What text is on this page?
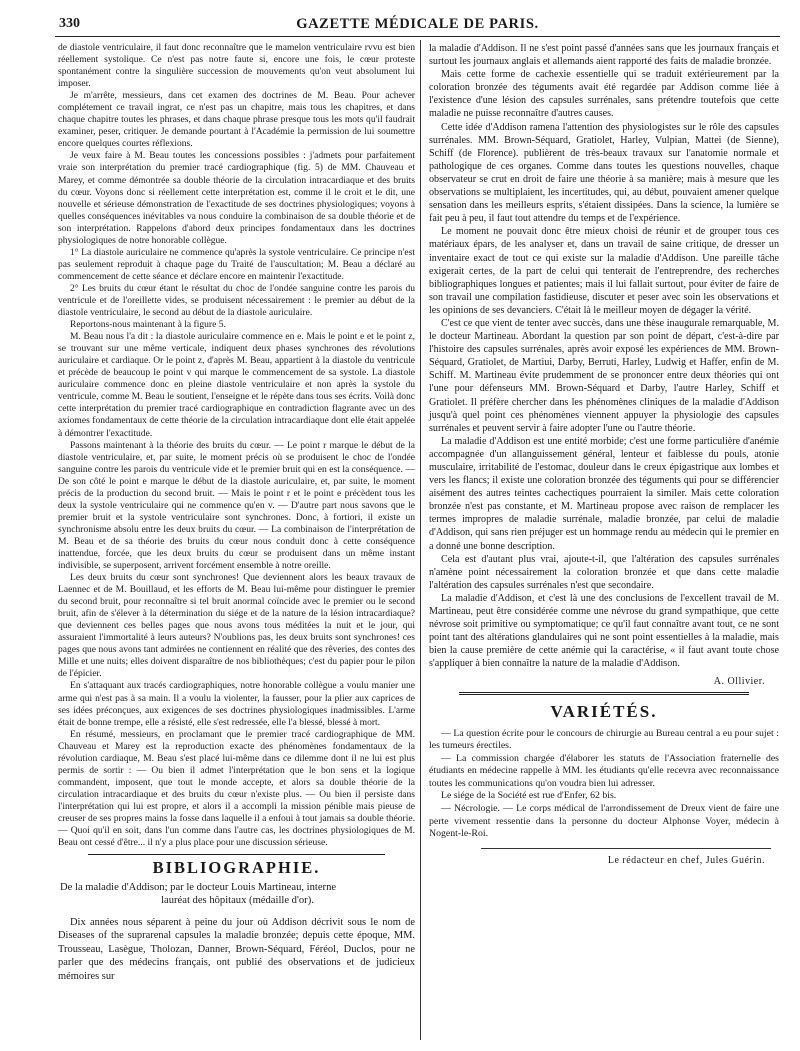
330	GAZETTE MÉDICALE DE PARIS.

de diastole ventriculaire, il faut donc reconnaître que le mamelon ventriculaire rvvu est bien réellement systolique. Ce n'est pas notre faute si, encore une fois, le cœur proteste spontanément contre la singulière succession de mouvements qu'on veut absolument lui imposer.

Je m'arrête, messieurs, dans cet examen des doctrines de M. Beau. Pour achever complétement ce travail ingrat, ce n'est pas un chapitre, mais tous les chapitres, et dans chaque chapitre toutes les phrases, et dans chaque phrase presque tous les mots qu'il faudrait examiner, peser, critiquer. Je demande pourtant à l'Académie la permission de lui soumettre encore quelques courtes réflexions.

Je veux faire à M. Beau toutes les concessions possibles : j'admets pour parfaitement vraie son interprétation du premier tracé cardiographique (fig. 5) de MM. Chauveau et Marey, et comme démontrée sa double théorie de la circulation intracardiaque et des bruits du cœur. Voyons donc si réellement cette interprétation est, comme il le croit et le dit, une nouvelle et sérieuse démonstration de l'exactitude de ses doctrines physiologiques; voyons à quelles conséquences inévitables va nous conduire la combinaison de sa double théorie et de son interprétation. Rappelons d'abord deux principes fondamentaux dans les doctrines physiologiques de notre honorable collègue.

1° La diastole auriculaire ne commence qu'après la systole ventriculaire. Ce principe n'est pas seulement reproduit à chaque page du Traité de l'auscultation; M. Beau a déclaré au commencement de cette séance et déclare encore en maintenir l'exactitude.

2° Les bruits du cœur étant le résultat du choc de l'ondée sanguine contre les parois du ventricule et de l'oreillette vides, se produisent nécessairement : le premier au début de la diastole ventriculaire, le second au début de la diastole auriculaire.

Reportons-nous maintenant à la figure 5.

M. Beau nous l'a dit : la diastole auriculaire commence en e. Mais le point e et le point z, se trouvant sur une même verticale, indiquent deux phases synchrones des révolutions auriculaire et cardiaque. Or le point z, d'après M. Beau, appartient à la diastole du ventricule et précède de beaucoup le point v qui marque le commencement de sa systole. La diastole auriculaire commence donc en pleine diastole ventriculaire et non après la systole du ventricule, comme M. Beau le soutient, l'enseigne et le répète dans tous ses écrits. Voilà donc cette interprétation du premier tracé cardiographique en contradiction flagrante avec un des axiomes fondamentaux de cette théorie de la circulation intracardiaque dont elle était appelée à démontrer l'exactitude.

Passons maintenant à la théorie des bruits du cœur. — Le point r marque le début de la diastole ventriculaire, et, par suite, le moment précis où se produisent le choc de l'ondée sanguine contre les parois du ventricule vide et le premier bruit qui en est la conséquence. — De son côté le point e marque le début de la diastole auriculaire, et, par suite, le moment précis de la production du second bruit. — Mais le point r et le point e précèdent tous les deux la systole ventriculaire qui ne commence qu'en v. — D'autre part nous savons que le premier bruit et la systole ventriculaire sont synchrones. Donc, à fortiori, il existe un synchronisme absolu entre les deux bruits du cœur. — La combinaison de l'interprétation de M. Beau et de sa théorie des bruits du cœur nous conduit donc à cette conséquence inattendue, forcée, que les deux bruits du cœur se produisent dans un même instant indivisible, se superposent, arrivent forcément ensemble à notre oreille.

Les deux bruits du cœur sont synchrones! Que deviennent alors les beaux travaux de Laennec et de M. Bouillaud, et les efforts de M. Beau lui-même pour distinguer le premier du second bruit, pour reconnaître si tel bruit anormal coïncide avec le premier ou le second bruit, afin de s'élever à la détermination du siége et de la nature de la lésion intracardiaque? que deviennent ces belles pages que nous avons tous méditées la nuit et le jour, qui assuraient l'immortalité à leurs auteurs? N'oublions pas, les deux bruits sont synchrones! ces pages que nous avons tant admirées ne contiennent en réalité que des rêveries, des contes des Mille et une nuits; elles doivent disparaître de nos bibliothèques; c'est du papier pour le pilon de l'épicier.

En s'attaquant aux tracés cardiographiques, notre honorable collègue a voulu manier une arme qui n'est pas à sa main. Il a voulu la violenter, la fausser, pour la plier aux caprices de ses idées préconçues, aux exigences de ses doctrines physiologiques inadmissibles. L'arme était de bonne trempe, elle a résisté, elle s'est redressée, elle l'a blessé, blessé à mort.

En résumé, messieurs, en proclamant que le premier tracé cardiographique de MM. Chauveau et Marey est la reproduction exacte des phénomènes fondamentaux de la révolution cardiaque, M. Beau s'est placé lui-même dans ce dilemme dont il ne lui est plus permis de sortir : — Ou bien il admet l'interprétation que le bon sens et la logique commandent, imposent, que tout le monde accepte, et alors sa double théorie de la circulation intracardiaque et des bruits du cœur n'existe plus. — Ou bien il persiste dans l'interprétation qui lui est propre, et alors il a accompli la mission pénible mais pieuse de creuser de ses propres mains la fosse dans laquelle il a enfoui à tout jamais sa double théorie. — Quoi qu'il en soit, dans l'un comme dans l'autre cas, les doctrines physiologiques de M. Beau ont cessé d'être... il n'y a plus place pour une discussion sérieuse.

BIBLIOGRAPHIE.
De la maladie d'Addison; par le docteur Louis Martineau, interne
lauréat des hôpitaux (médaille d'or).

Dix années nous séparent à peine du jour où Addison décrivit sous le nom de Diseases of the suprarenal capsules la maladie bronzée; depuis cette époque, MM. Trousseau, Lasègue, Tholozan, Danner, Brown-Séquard, Féréol, Duclos, pour ne parler que des médecins français, ont publié des observations et de judicieux mémoires sur

la maladie d'Addison. Il ne s'est point passé d'années sans que les journaux français et surtout les journaux anglais et allemands aient rapporté des faits de maladie bronzée.

Mais cette forme de cachexie essentielle qui se traduit extérieurement par la coloration bronzée des téguments avait été regardée par Addison comme liée à l'existence d'une lésion des capsules surrénales, sans prétendre toutefois que cette maladie ne puisse reconnaître d'autres causes.

Cette idée d'Addison ramena l'attention des physiologistes sur le rôle des capsules surrénales. MM. Brown-Séquard, Gratiolet, Harley, Vulpian, Mattei (de Sienne), Schiff (de Florence). publièrent de très-beaux travaux sur l'anatomie normale et pathologique de ces organes. Comme dans toutes les questions nouvelles, chaque observateur se crut en droit de faire une théorie à sa manière; mais à mesure que les observations se multiplaient, les incertitudes, qui, au début, pouvaient amener quelque sensation dans les meilleurs esprits, s'étaient dissipées. Dans la science, la lumière se fait peu à peu, il faut tout attendre du temps et de l'expérience.

Le moment ne pouvait donc être mieux choisi de réunir et de grouper tous ces matériaux épars, de les analyser et, dans un travail de saine critique, de dresser un inventaire exact de tout ce qui existe sur la maladie d'Addison. Une pareille tâche exigerait certes, de la part de celui qui tenterait de l'entreprendre, des recherches bibliographiques longues et patientes; mais il lui fallait surtout, pour éviter de faire de son travail une compilation fastidieuse, discuter et peser avec soin les observations et les opinions de ses devanciers. C'était là le meilleur moyen de dégager la vérité.

C'est ce que vient de tenter avec succès, dans une thèse inaugurale remarquable, M. le docteur Martineau. Abordant la question par son point de départ, c'est-à-dire par l'histoire des capsules surrénales, après avoir exposé les expériences de MM. Brown-Séquard, Gratiolet, de Martiui, Darby, Berruti, Harley, Ludwig et Haffer, enfin de M. Schiff. M. Martineau évite prudemment de se prononcer entre deux théories qui ont l'une pour défenseurs MM. Brown-Séquard et Darby, l'autre Harley, Schiff et Gratiolet. Il préfère chercher dans les phénomènes cliniques de la maladie d'Addison jusqu'à quel point ces phénomènes viennent appuyer la physiologie des capsules surrénales et peuvent servir à faire adopter l'une ou l'autre théorie.

La maladie d'Addison est une entité morbide; c'est une forme particulière d'anémie accompagnée d'un allanguissement général, lenteur et faiblesse du pouls, atonie musculaire, irritabilité de l'estomac, douleur dans le creux épigastrique aux lombes et vers les flancs; il existe une coloration bronzée des téguments qui pour se différencier aisément des autres teintes cachectiques pourraient la similer. Mais cette coloration bronzée n'est pas constante, et M. Martineau propose avec raison de remplacer les termes impropres de maladie surrénale, maladie bronzée, par celui de maladie d'Addison, qui sans rien préjuger est un hommage rendu au médecin qui le premier en a donné une bonne description.

Cela est d'autant plus vrai, ajoute-t-il, que l'altération des capsules surrénales n'amène point nécessairement la coloration bronzée et que dans cette maladie l'altération des capsules surrénales n'est que secondaire.

La maladie d'Addison, et c'est là une des conclusions de l'excellent travail de M. Martineau, peut être considérée comme une névrose du grand sympathique, que cette névrose soit primitive ou symptomatique; ce qu'il faut connaître avant tout, ce ne sont point tant des altérations glandulaires qui ne sont point essentielles à la maladie, mais bien la cause première de cette anémie qui la caractérise, « il faut avant toute chose s'appliquer à bien connaître la nature de la maladie d'Addison.

A. Ollivier.
VARIÉTÉS.

— La question écrite pour le concours de chirurgie au Bureau central a eu pour sujet : les tumeurs érectiles.

— La commission chargée d'élaborer les statuts de l'Association fraternelle des étudiants en médecine rappelle à MM. les étudiants qu'elle recevra avec reconnaissance toutes les communications qu'on voudra bien lui adresser.

Le siége de la Société est rue d'Enfer, 62 bis.

— Nécrologie. — Le corps médical de l'arrondissement de Dreux vient de faire une perte vivement ressentie dans la personne du docteur Alphonse Voyer, médecin à Nogent-le-Roi.

Le rédacteur en chef, Jules Guérin.
